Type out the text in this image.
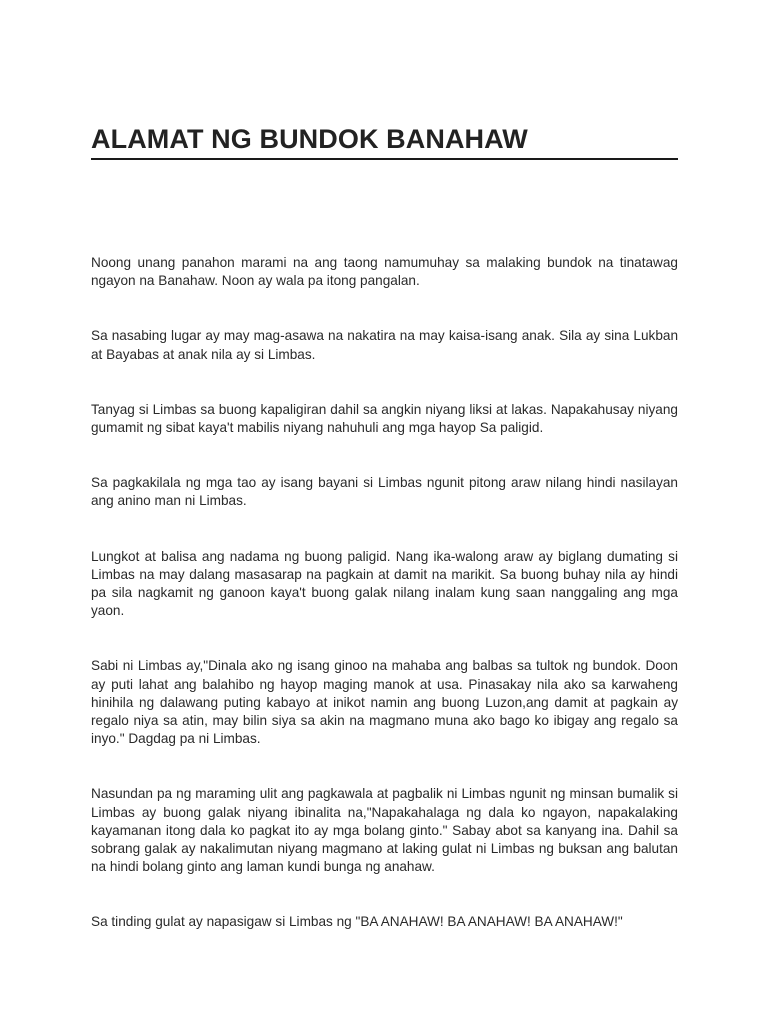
ALAMAT NG BUNDOK BANAHAW

Noong unang panahon marami na ang taong namumuhay sa malaking bundok na tinatawag ngayon na Banahaw. Noon ay wala pa itong pangalan.

Sa nasabing lugar ay may mag-asawa na nakatira na may kaisa-isang anak. Sila ay sina Lukban at Bayabas at anak nila ay si Limbas.

Tanyag si Limbas sa buong kapaligiran dahil sa angkin niyang liksi at lakas. Napakahusay niyang gumamit ng sibat kaya't mabilis niyang nahuhuli ang mga hayop Sa paligid.

Sa pagkakilala ng mga tao ay isang bayani si Limbas ngunit pitong araw nilang hindi nasilayan ang anino man ni Limbas.

Lungkot at balisa ang nadama ng buong paligid. Nang ika-walong araw ay biglang dumating si Limbas na may dalang masasarap na pagkain at damit na marikit. Sa buong buhay nila ay hindi pa sila nagkamit ng ganoon kaya't buong galak nilang inalam kung saan nanggaling ang mga yaon.

Sabi ni Limbas ay,"Dinala ako ng isang ginoo na mahaba ang balbas sa tultok ng bundok. Doon ay puti lahat ang balahibo ng hayop maging manok at usa. Pinasakay nila ako sa karwaheng hinihila ng dalawang puting kabayo at inikot namin ang buong Luzon,ang damit at pagkain ay regalo niya sa atin, may bilin siya sa akin na magmano muna ako bago ko ibigay ang regalo sa inyo." Dagdag pa ni Limbas.

Nasundan pa ng maraming ulit ang pagkawala at pagbalik ni Limbas ngunit ng minsan bumalik si Limbas ay buong galak niyang ibinalita na,"Napakahalaga ng dala ko ngayon, napakalaking kayamanan itong dala ko pagkat ito ay mga bolang ginto." Sabay abot sa kanyang ina. Dahil sa sobrang galak ay nakalimutan niyang magmano at laking gulat ni Limbas ng buksan ang balutan na hindi bolang ginto ang laman kundi bunga ng anahaw.

Sa tinding gulat ay napasigaw si Limbas ng "BA ANAHAW! BA ANAHAW! BA ANAHAW!"
